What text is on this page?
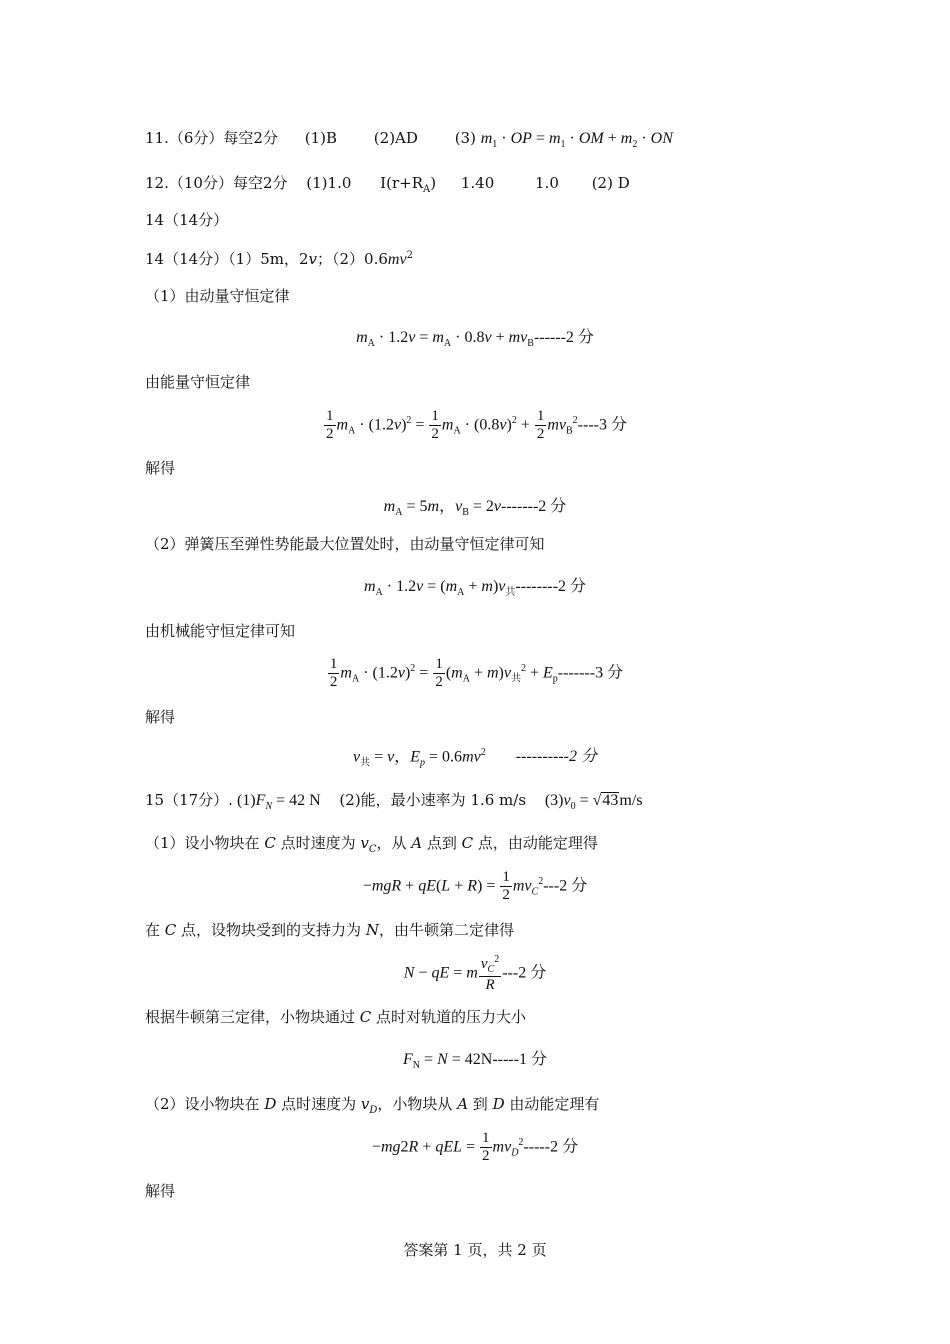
11.（6分）每空2分 (1)B (2)AD (3) $m_1$ · OP = $m_1$ · OM + $m_2$ · ON
12.（10分）每空2分 (1)1.0 $I(r+R_A)$ 1.40	1.0 (2) D
14（14分）
14（14分）（1）5m，2v；$(2)0.6mv^2$
（1）由动量守恒定律
$m_A \cdot 1.2v = m_A \cdot 0.8v + mv_B------2$ 分
由能量守恒定律
$\frac{1}{2} m_A \cdot (1.2v)^2 = \frac{1}{2} m_A \cdot (0.8v)^2 + \frac{1}{2} mv_B^2----3$ 分
解得
$m_A = 5m$，$v_B = 2v-------2$ 分
（2）弹簧压至弹性势能最大位置处时，由动量守恒定律可知
$m_A \cdot 1.2v = (m_A + m)v_共--------2$ 分
由机械能守恒定律可知
$\frac{1}{2} m_A \cdot (1.2v)^2 = \frac{1}{2} (m_A + m)v_共^2 + E_p-------3$ 分
解得
$v_共 = v$，$E_p = 0.6mv^2$ ----------2 分
15（17分）. $(1)F_N = 42$ N (2)能，最小速率为 1.6 m/s $(3)v_0 = √43m/s$
（1）设小物块在 C 点时速度为 $v_C$，从 A 点到 C 点，由动能定理得
$-mgR + qE(L + R) = \frac{1}{2} mv_C^2---2$ 分
在 C 点，设物块受到的支持力为 N，由牛顿第二定律得
N − qE = m $\frac{v_C^2}{R} ---2$ 分
根据牛顿第三定律，小物块通过 C 点时对轨道的压力大小
$F_N = N = 42N-----1$ 分
（2）设小物块在 D 点时速度为 $v_D$，小物块从 A 到 D 由动能定理有
−mg2R + qEL = $\frac{1}{2} mv_D^2-----2$ 分
解得
答案第 1 页，共 2 页
